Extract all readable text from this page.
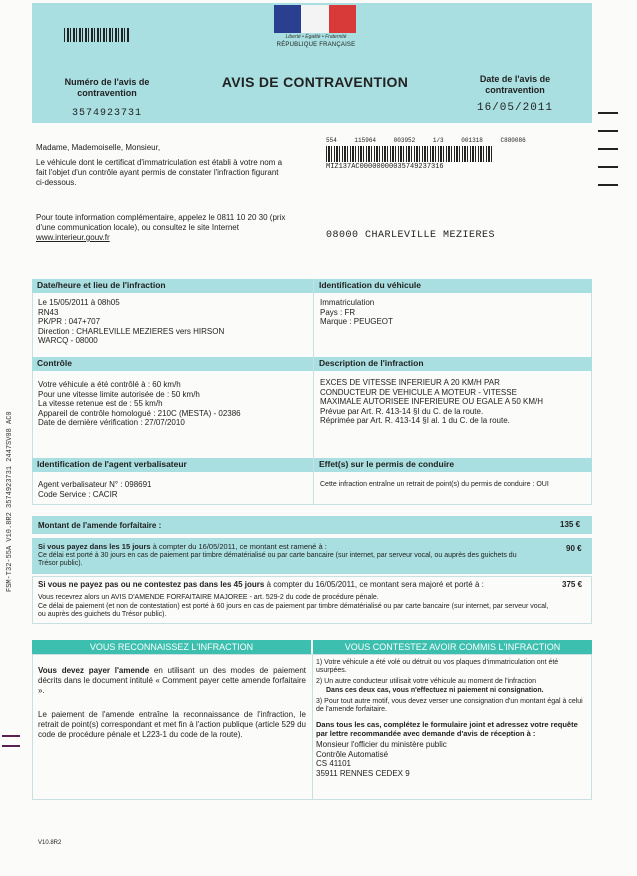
Liberté • Égalité • Fraternité
RÉPUBLIQUE FRANÇAISE
Numéro de l'avis de contravention
3574923731
AVIS DE CONTRAVENTION	Date de l'avis de contravention
16/05/2011
554	115964	003952	1/3	001318	C880086
MIZ137AC00000000035749237316
Madame, Mademoiselle, Monsieur,
Le véhicule dont le certificat d'immatriculation est établi à votre nom a fait l'objet d'un contrôle ayant permis de constater l'infraction figurant ci-dessous.
Pour toute information complémentaire, appelez le 0811 10 20 30 (prix d'une communication locale), ou consultez le site Internet www.interieur.gouv.fr	08000 CHARLEVILLE MEZIERES
FSM-T32-55A V10.8R2 3574923731 2447SV08 AC0
Date/heure et lieu de l'infraction	Identification du véhicule
Le 15/05/2011 à 08h05
RN43
PK/PR : 047+707
Direction : CHARLEVILLE MEZIERES vers HIRSON
WARCQ - 08000
Immatriculation
Pays : FR
Marque : PEUGEOT
Contrôle	Description de l'infraction
Votre véhicule a été contrôlé à : 60 km/h
Pour une vitesse limite autorisée de : 50 km/h
La vitesse retenue est de : 55 km/h
Appareil de contrôle homologué : 210C (MESTA) - 02386
Date de dernière vérification : 27/07/2010
EXCES DE VITESSE INFERIEUR A 20 KM/H PAR
CONDUCTEUR DE VEHICULE A MOTEUR - VITESSE
MAXIMALE AUTORISEE INFERIEURE OU EGALE A 50 KM/H
Prévue par Art. R. 413-14 §I du C. de la route.
Réprimée par Art. R. 413-14 §I al. 1 du C. de la route.
Identification de l'agent verbalisateur	Effet(s) sur le permis de conduire
Agent verbalisateur N° : 098691
Code Service : CACIR
Cette infraction entraîne un retrait de point(s) du permis de conduire : OUI
Montant de l'amende forfaitaire :	135 €
Si vous payez dans les 15 jours à compter du 16/05/2011, ce montant est ramené à :
Ce délai est porté à 30 jours en cas de paiement par timbre dématérialisé ou par carte bancaire (sur internet, par serveur vocal, ou auprès des guichets du Trésor public).
90 €
Si vous ne payez pas ou ne contestez pas dans les 45 jours à compter du 16/05/2011, ce montant sera majoré et porté à :
Vous recevrez alors un AVIS D'AMENDE FORFAITAIRE MAJOREE - art. 529-2 du code de procédure pénale.
Ce délai de paiement (et non de contestation) est porté à 60 jours en cas de paiement par timbre dématérialisé ou par carte bancaire (sur internet, par serveur vocal, ou auprès des guichets du Trésor public).
375 €
VOUS RECONNAISSEZ L'INFRACTION	VOUS CONTESTEZ AVOIR COMMIS L'INFRACTION
Vous devez payer l'amende en utilisant un des modes de paiement décrits dans le document intitulé « Comment payer cette amende forfaitaire ».
Le paiement de l'amende entraîne la reconnaissance de l'infraction, le retrait de point(s) correspondant et met fin à l'action publique (article 529 du code de procédure pénale et L223-1 du code de la route).
1) Votre véhicule a été volé ou détruit ou vos plaques d'immatriculation ont été usurpées.
2) Un autre conducteur utilisait votre véhicule au moment de l'infraction
Dans ces deux cas, vous n'effectuez ni paiement ni consignation.
3) Pour tout autre motif, vous devez verser une consignation d'un montant égal à celui de l'amende forfaitaire.
Dans tous les cas, complétez le formulaire joint et adressez votre requête par lettre recommandée avec demande d'avis de réception à :
Monsieur l'officier du ministère public
Contrôle Automatisé
CS 41101
35911 RENNES CEDEX 9
V10.8R2
